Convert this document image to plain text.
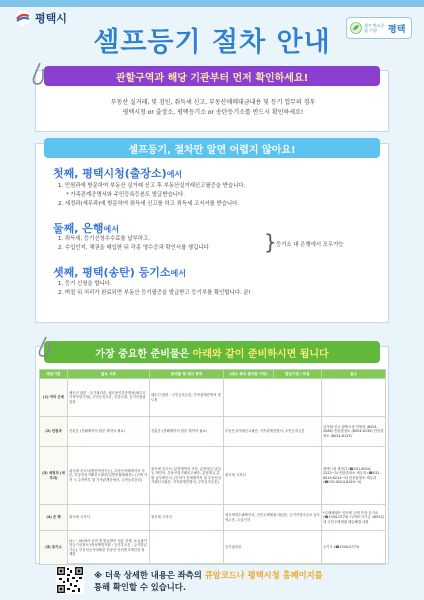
평택시
셀프등기 절차 안내
셀프 탄소중립 수업	평택
부동산 실거래, 및 검인, 취득세 신고, 부동산매매대금내용 및 등기 업무의 경우
평택시청 or 출장소, 평택등기소 or 송탄등기소를 반드시 확인하세요!
관할구역과 해당 기관부터 먼저 확인하세요!
첫째, 평택시청(출장소)에서
1. 민원과에 방문하여 부동산 실거래 신고 후 부동산실거래신고필증을 받습니다.
* 가족관계증명서와 주민등록등본도 발급받습니다.
2. 세정과(세무과)에 방문하여 취득세 신고를 하고 취득세 고지서를 받습니다.
둘째, 은행에서
1. 취득세, 등기신청수수료를 납부하고,
2. 수입인지, 채권을 매입한 뒤 각종 영수증과 확인서를 챙깁니다	} 등기소 내 은행에서 모두가능
셋째, 평택(송탄) 등기소에서
1. 등기 신청을 합니다.
2. 며칠 뒤 처리가 완료되면 부동산 등기필증을 발급받고 등기부를 확인합니다. 끝!
셀프등기, 절차만 알면 어렵지 않아요!
가장 중요한 준비물은
아래와 같이 준비하시면 됩니다
방문기관	필요 서류	준비물 및 체크 항목	(매도 측과 협의한 사항)	발급기관 / 비용	참고
(1) 여러 군데	매도인 관련 : 등기권리증, 매도용인감증명서(매수인 인적사항기재), 주민등록초본, 인감도장, 등기신청위임장	매수인 관련 : 주민등록등본, 가족관계증명서 및 도장			
(2) 민원과	신분증 (진해계약서 원본 계약서 필요)	신분증 (진해계약서 원본 계약서 필요)	부동산실거래신고필증, 가족관계증명서, 주민등록등본		실거래 신고 평택시청 민원과 (8024-2086) 송탄출장소 (8024-6135) 안중출장소 (8024-8123)
(3) 세정과 (세무과)	취득세 신고서(방문작성가능), 부동산거래계약서 사본, 부동산실거래신고필증(일반전월세필증), (주택 가격 시 주거여부 및 가족관계증명서, 주민등록등본)	취득세 신고서, 분양계약서 사본, 분양대금 납입 등 계약서, 부동산실거래신고필증, 분양대금 총괄 납부확인서, (인허가 전체계약서 및 부동산실거래신고필증, 가족관계증명서, 주민등록등본)	취득세 고지서		평택시청 세정과 (☎031-8024-2322~3) 송탄출장소 세무과 (☎031-8024-6214~5) 안중출장소 세무과 (☎031-8024-8163~4)
(4) 은 행	취득세 고지서	취득세 고지서	취득세영수필확인서, 국민주택채권 매입증, 등기신청수수료 납부 영수증, 수입인지		*주택채권은 인터넷 금액 은하 등기소 (☎1544-0773) *주택도시기금 1655위 내 국민주택채권 매입해결 내용
(5) 등기소	(1) ~ (4)에서 준비 및 발급받은 서류 전체, 소유권이전등기신청서 (작성방법지원 : 등기부등본 - 등기발급가능), 부동산등기매매선 부동산 인터넷 2개년상 첨 제한		등기권리증		등기소 (☎1544-0773)
※ 더욱 상세한 내용은 좌측의 큐알코드나 평택시청 홈페이지를
통해 확인할 수 있습니다.
